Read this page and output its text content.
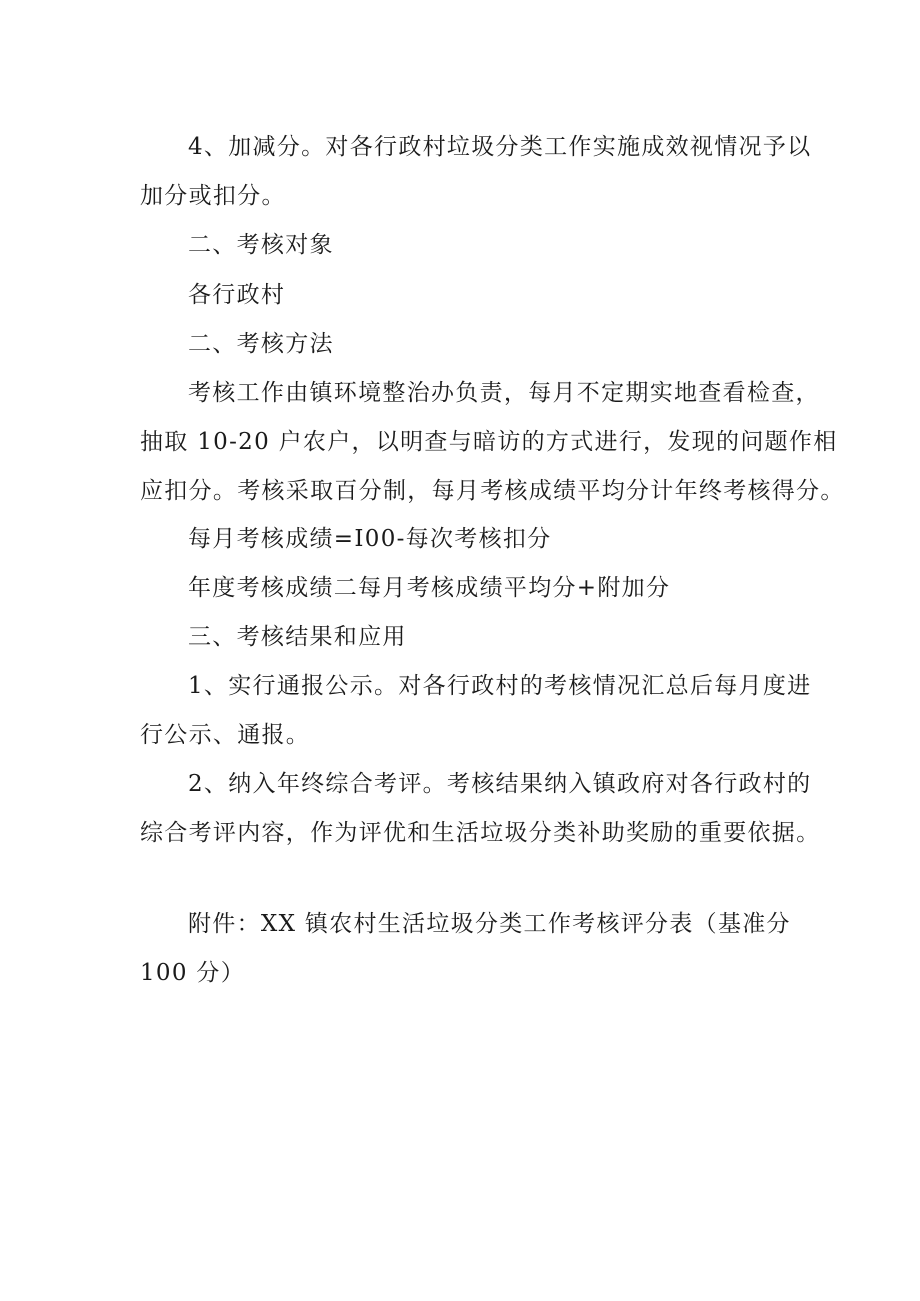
4、加减分。对各行政村垃圾分类工作实施成效视情况予以
加分或扣分。
二、考核对象
各行政村
二、考核方法
考核工作由镇环境整治办负责，每月不定期实地查看检查，
抽取 10-20 户农户，以明查与暗访的方式进行，发现的问题作相
应扣分。考核采取百分制，每月考核成绩平均分计年终考核得分。
每月考核成绩=I00-每次考核扣分
年度考核成绩二每月考核成绩平均分+附加分
三、考核结果和应用
1、实行通报公示。对各行政村的考核情况汇总后每月度进
行公示、通报。
2、纳入年终综合考评。考核结果纳入镇政府对各行政村的
综合考评内容，作为评优和生活垃圾分类补助奖励的重要依据。
附件：XX 镇农村生活垃圾分类工作考核评分表（基准分
100 分）
